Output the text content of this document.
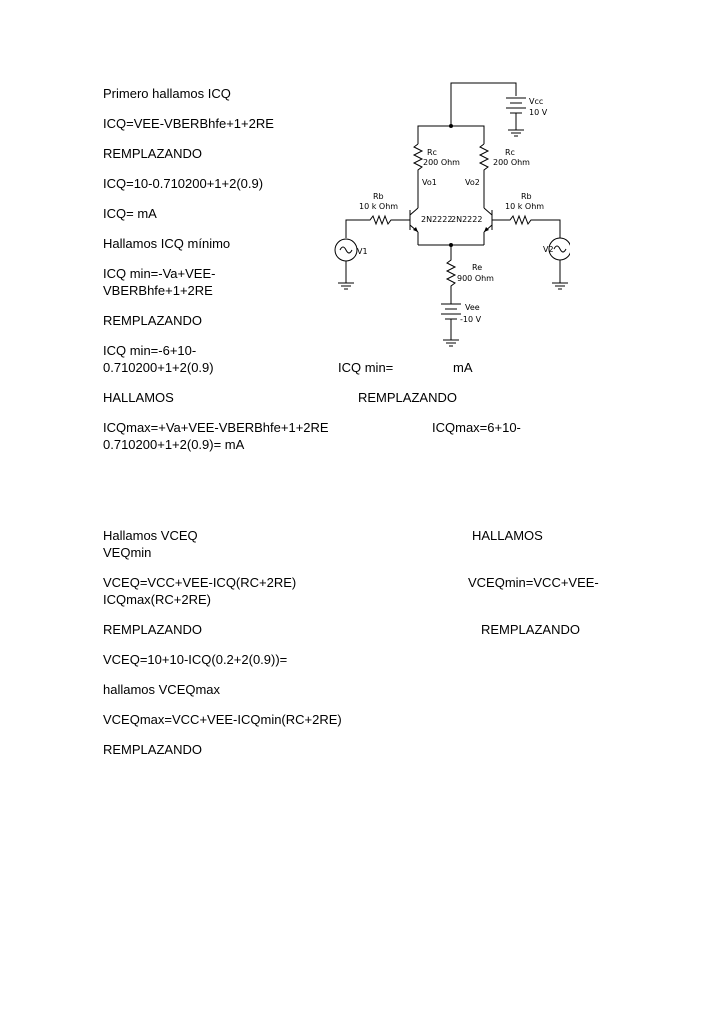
Primero hallamos ICQ
ICQ=VEE-VBERBhfe+1+2RE
REMPLAZANDO
ICQ=10-0.710200+1+2(0.9)
ICQ= mA
Hallamos ICQ mínimo
ICQ min=-Va+VEE-
VBERBhfe+1+2RE
REMPLAZANDO
ICQ min=-6+10-
0.710200+1+2(0.9)	ICQ min=	mA
HALLAMOS	REMPLAZANDO
ICQmax=+Va+VEE-VBERBhfe+1+2RE	ICQmax=6+10-
0.710200+1+2(0.9)= mA
Hallamos VCEQ	HALLAMOS
VEQmin
VCEQ=VCC+VEE-ICQ(RC+2RE)	VCEQmin=VCC+VEE-
ICQmax(RC+2RE)
REMPLAZANDO	REMPLAZANDO
VCEQ=10+10-ICQ(0.2+2(0.9))=
hallamos VCEQmax
VCEQmax=VCC+VEE-ICQmin(RC+2RE)
REMPLAZANDO
Vcc
10 V
Rc
200 Ohm
Vo1
Rc
200 Ohm
Vo2
2N2222
2N2222
Rb
10 k Ohm
V1
Rb
10 k Ohm
V2
Re
900 Ohm
Vee
-10 V
